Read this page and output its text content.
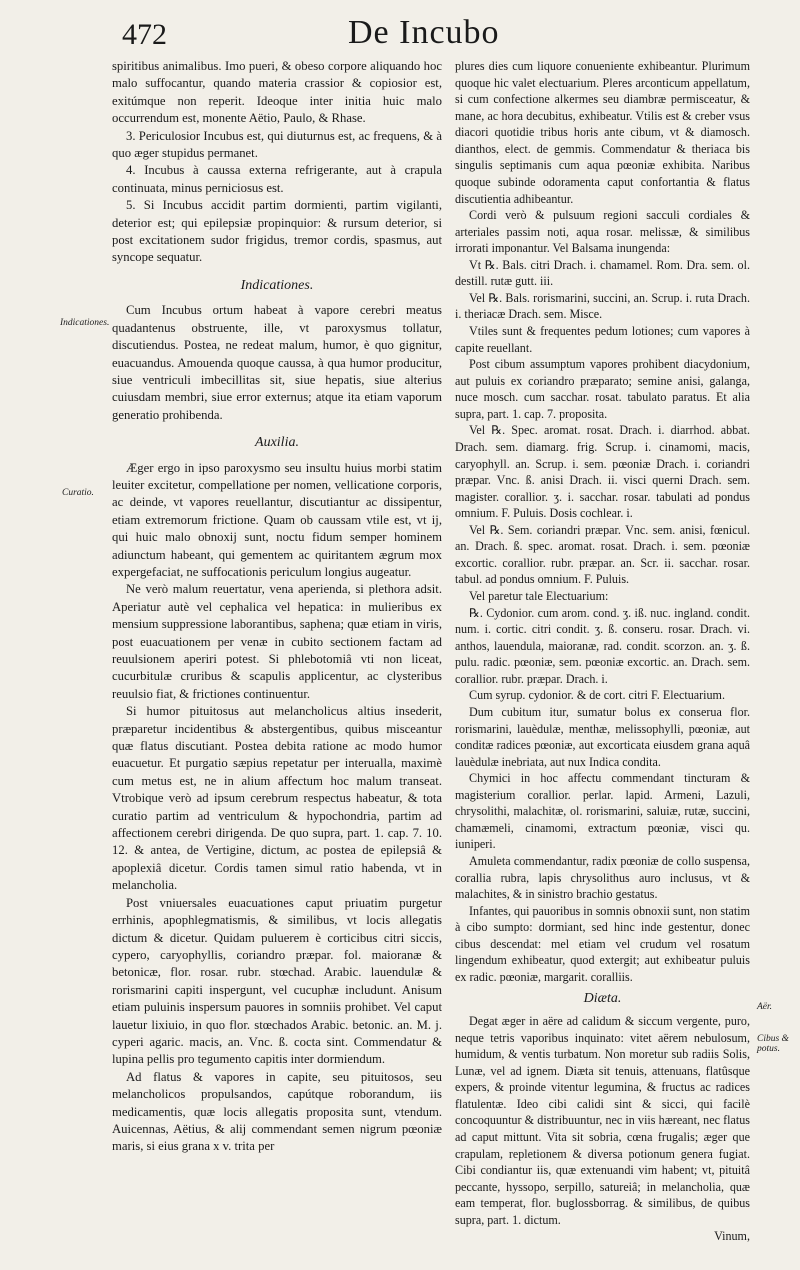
472	De Incubo
Indicationes.
Curatio.
Aër.
Cibus & potus.

spiritibus animalibus. Imo pueri, & obeso corpore aliquando hoc malo suffocantur, quando materia crassior & copiosior est, exitúmque non reperit. Ideoque inter initia huic malo occurrendum est, monente Aëtio, Paulo, & Rhase.

3. Periculosior Incubus est, qui diuturnus est, ac frequens, & à quo æger stupidus permanet.

4. Incubus à caussa externa refrigerante, aut à crapula continuata, minus perniciosus est.

5. Si Incubus accidit partim dormienti, partim vigilanti, deterior est; qui epilepsiæ propinquior: & rursum deterior, si post excitationem sudor frigidus, tremor cordis, spasmus, aut syncope sequatur.

Indicationes.

Cum Incubus ortum habeat à vapore cerebri meatus quadantenus obstruente, ille, vt paroxysmus tollatur, discutiendus. Postea, ne redeat malum, humor, è quo gignitur, euacuandus. Amouenda quoque caussa, à qua humor producitur, siue ventriculi imbecillitas sit, siue hepatis, siue alterius cuiusdam membri, siue error externus; atque ita etiam vaporum generatio prohibenda.

Auxilia.

Æger ergo in ipso paroxysmo seu insultu huius morbi statim leuiter excitetur, compellatione per nomen, vellicatione corporis, ac deinde, vt vapores reuellantur, discutiantur ac dissipentur, etiam extremorum frictione. Quam ob caussam vtile est, vt ij, qui huic malo obnoxij sunt, noctu fidum semper hominem adiunctum habeant, qui gementem ac quiritantem ægrum mox expergefaciat, ne suffocationis periculum longius augeatur.

Ne verò malum reuertatur, vena aperienda, si plethora adsit. Aperiatur autè vel cephalica vel hepatica: in mulieribus ex mensium suppressione laborantibus, saphena; quæ etiam in viris, post euacuationem per venæ in cubito sectionem factam ad reuulsionem aperiri potest. Si phlebotomiâ vti non liceat, cucurbitulæ cruribus & scapulis applicentur, ac clysteribus reuulsio fiat, & frictiones continuentur.

Si humor pituitosus aut melancholicus altius insederit, præparetur incidentibus & abstergentibus, quibus misceantur quæ flatus discutiant. Postea debita ratione ac modo humor euacuetur. Et purgatio sæpius repetatur per interualla, maximè cum metus est, ne in alium affectum hoc malum transeat. Vtrobique verò ad ipsum cerebrum respectus habeatur, & tota curatio partim ad ventriculum & hypochondria, partim ad affectionem cerebri dirigenda. De quo supra, part. 1. cap. 7. 10. 12. & antea, de Vertigine, dictum, ac postea de epilepsiâ & apoplexiâ dicetur. Cordis tamen simul ratio habenda, vt in melancholia.

Post vniuersales euacuationes caput priuatim purgetur errhinis, apophlegmatismis, & similibus, vt locis allegatis dictum & dicetur. Quidam puluerem è corticibus citri siccis, cypero, caryophyllis, coriandro præpar. fol. maioranæ & betonicæ, flor. rosar. rubr. stœchad. Arabic. lauendulæ & rorismarini capiti inspergunt, vel cucuphæ includunt. Anisum etiam puluinis inspersum pauores in somniis prohibet. Vel caput lauetur lixiuio, in quo flor. stœchados Arabic. betonic. an. M. j. cyperi agaric. macis, an. Vnc. ß. cocta sint. Commendatur & lupina pellis pro tegumento capitis inter dormiendum.

Ad flatus & vapores in capite, seu pituitosos, seu melancholicos propulsandos, capútque roborandum, iis medicamentis, quæ locis allegatis proposita sunt, vtendum. Auicennas, Aëtius, & alij commendant semen nigrum pœoniæ maris, si eius grana x v. trita per

plures dies cum liquore conueniente exhibeantur. Plurimum quoque hic valet electuarium. Pleres arconticum appellatum, si cum confectione alkermes seu diambræ permisceatur, & mane, ac hora decubitus, exhibeatur. Vtilis est & creber vsus diacori quotidie tribus horis ante cibum, vt & diamosch. dianthos, elect. de gemmis. Commendatur & theriaca bis singulis septimanis cum aqua pœoniæ exhibita. Naribus quoque subinde odoramenta caput confortantia & flatus discutientia adhibeantur.

Cordi verò & pulsuum regioni sacculi cordiales & arteriales passim noti, aqua rosar. melissæ, & similibus irrorati imponantur. Vel Balsama inungenda:

Vt ℞. Bals. citri Drach. i. chamamel. Rom. Dra. sem. ol. destill. rutæ gutt. iii.

Vel ℞. Bals. rorismarini, succini, an. Scrup. i. ruta Drach. i. theriacæ Drach. sem. Misce.

Vtiles sunt & frequentes pedum lotiones; cum vapores à capite reuellant.

Post cibum assumptum vapores prohibent diacydonium, aut puluis ex coriandro præparato; semine anisi, galanga, nuce mosch. cum sacchar. rosat. tabulato paratus. Et alia supra, part. 1. cap. 7. proposita.

Vel ℞. Spec. aromat. rosat. Drach. i. diarrhod. abbat. Drach. sem. diamarg. frig. Scrup. i. cinamomi, macis, caryophyll. an. Scrup. i. sem. pœoniæ Drach. i. coriandri præpar. Vnc. ß. anisi Drach. ii. visci querni Drach. sem. magister. corallior. ʒ. i. sacchar. rosar. tabulati ad pondus omnium. F. Puluis. Dosis cochlear. i.

Vel ℞. Sem. coriandri præpar. Vnc. sem. anisi, fœnicul. an. Drach. ß. spec. aromat. rosat. Drach. i. sem. pœoniæ excortic. corallior. rubr. præpar. an. Scr. ii. sacchar. rosar. tabul. ad pondus omnium. F. Puluis.

Vel paretur tale Electuarium:

℞. Cydonior. cum arom. cond. ʒ. iß. nuc. ingland. condit. num. i. cortic. citri condit. ʒ. ß. conseru. rosar. Drach. vi. anthos, lauendula, maioranæ, rad. condit. scorzon. an. ʒ. ß. pulu. radic. pœoniæ, sem. pœoniæ excortic. an. Drach. sem. corallior. rubr. præpar. Drach. i.

Cum syrup. cydonior. & de cort. citri F. Electuarium.

Dum cubitum itur, sumatur bolus ex conserua flor. rorismarini, lauèdulæ, menthæ, melissophylli, pœoniæ, aut conditæ radices pœoniæ, aut excorticata eiusdem grana aquâ lauèdulæ inebriata, aut nux Indica condita.

Chymici in hoc affectu commendant tincturam & magisterium corallior. perlar. lapid. Armeni, Lazuli, chrysolithi, malachitæ, ol. rorismarini, saluiæ, rutæ, succini, chamæmeli, cinamomi, extractum pœoniæ, visci qu. iuniperi.

Amuleta commendantur, radix pœoniæ de collo suspensa, corallia rubra, lapis chrysolithus auro inclusus, vt & malachites, & in sinistro brachio gestatus.

Infantes, qui pauoribus in somnis obnoxii sunt, non statim à cibo sumpto: dormiant, sed hinc inde gestentur, donec cibus descendat: mel etiam vel crudum vel rosatum lingendum exhibeatur, quod extergit; aut exhibeatur puluis ex radic. pœoniæ, margarit. coralliis.

Diæta.

Degat æger in aëre ad calidum & siccum vergente, puro, neque tetris vaporibus inquinato: vitet aërem nebulosum, humidum, & ventis turbatum. Non moretur sub radiis Solis, Lunæ, vel ad ignem. Diæta sit tenuis, attenuans, flatûsque expers, & proinde vitentur legumina, & fructus ac radices flatulentæ. Ideo cibi calidi sint & sicci, qui facilè concoquuntur & distribuuntur, nec in viis hæreant, nec flatus ad caput mittunt. Vita sit sobria, cœna frugalis; æger que crapulam, repletionem & diversa potionum genera fugiat. Cibi condiantur iis, quæ extenuandi vim habent; vt, pituitâ peccante, hyssopo, serpillo, satureiâ; in melancholia, quæ eam temperat, flor. buglossborrag. & similibus, de quibus supra, part. 1. dictum.

Vinum,
